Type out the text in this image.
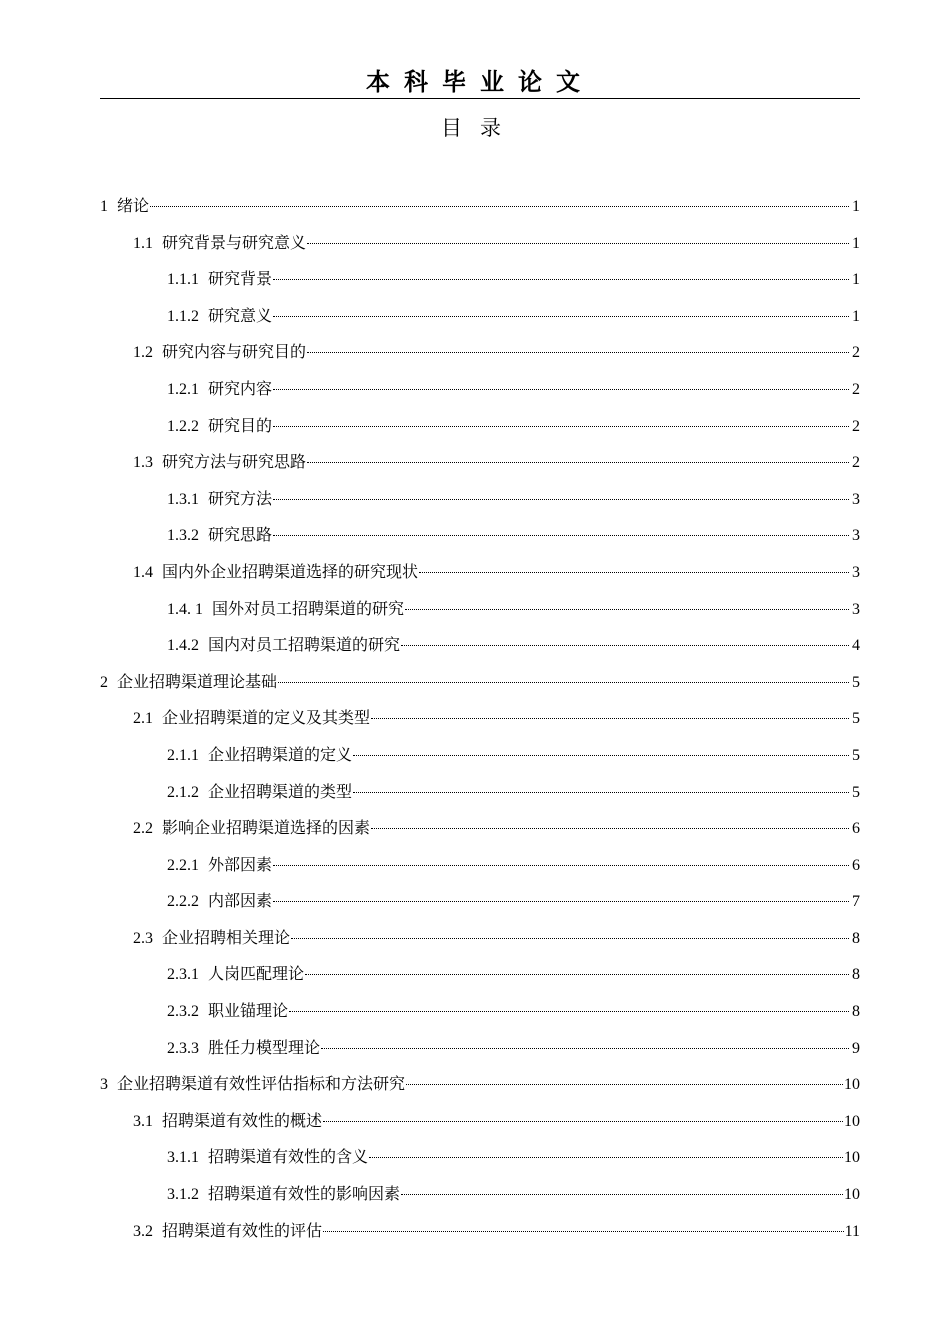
本科毕业论文
目录
1 绪论	1
1.1 研究背景与研究意义	1
1.1.1 研究背景	1
1.1.2 研究意义	1
1.2 研究内容与研究目的	2
1.2.1 研究内容	2
1.2.2 研究目的	2
1.3 研究方法与研究思路	2
1.3.1 研究方法	3
1.3.2 研究思路	3
1.4 国内外企业招聘渠道选择的研究现状	3
1.4. 1 国外对员工招聘渠道的研究	3
1.4.2 国内对员工招聘渠道的研究	4
2 企业招聘渠道理论基础	5
2.1 企业招聘渠道的定义及其类型	5
2.1.1 企业招聘渠道的定义	5
2.1.2 企业招聘渠道的类型	5
2.2 影响企业招聘渠道选择的因素	6
2.2.1 外部因素	6
2.2.2 内部因素	7
2.3 企业招聘相关理论	8
2.3.1 人岗匹配理论	8
2.3.2 职业锚理论	8
2.3.3 胜任力模型理论	9
3 企业招聘渠道有效性评估指标和方法研究	10
3.1 招聘渠道有效性的概述	10
3.1.1 招聘渠道有效性的含义	10
3.1.2 招聘渠道有效性的影响因素	10
3.2 招聘渠道有效性的评估	11
